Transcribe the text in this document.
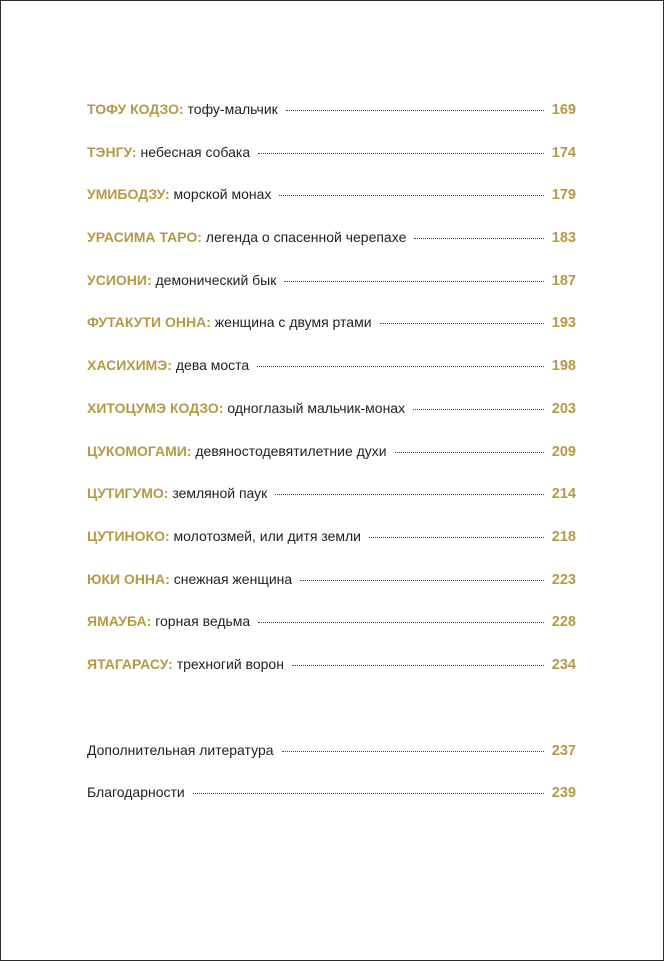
ТОФУ КОДЗО: тофу-мальчик	169
ТЭНГУ: небесная собака	174
УМИБОДЗУ: морской монах	179
УРАСИМА ТАРО: легенда о спасенной черепахе	183
УСИОНИ: демонический бык	187
ФУТАКУТИ ОННА: женщина с двумя ртами	193
ХАСИХИМЭ: дева моста	198
ХИТОЦУМЭ КОДЗО: одноглазый мальчик-монах	203
ЦУКОМОГАМИ: девяностодевятилетние духи	209
ЦУТИГУМО: земляной паук	214
ЦУТИНОКО: молотозмей, или дитя земли	218
ЮКИ ОННА: снежная женщина	223
ЯМАУБА: горная ведьма	228
ЯТАГАРАСУ: трехногий ворон	234
Дополнительная литература	237
Благодарности	239
